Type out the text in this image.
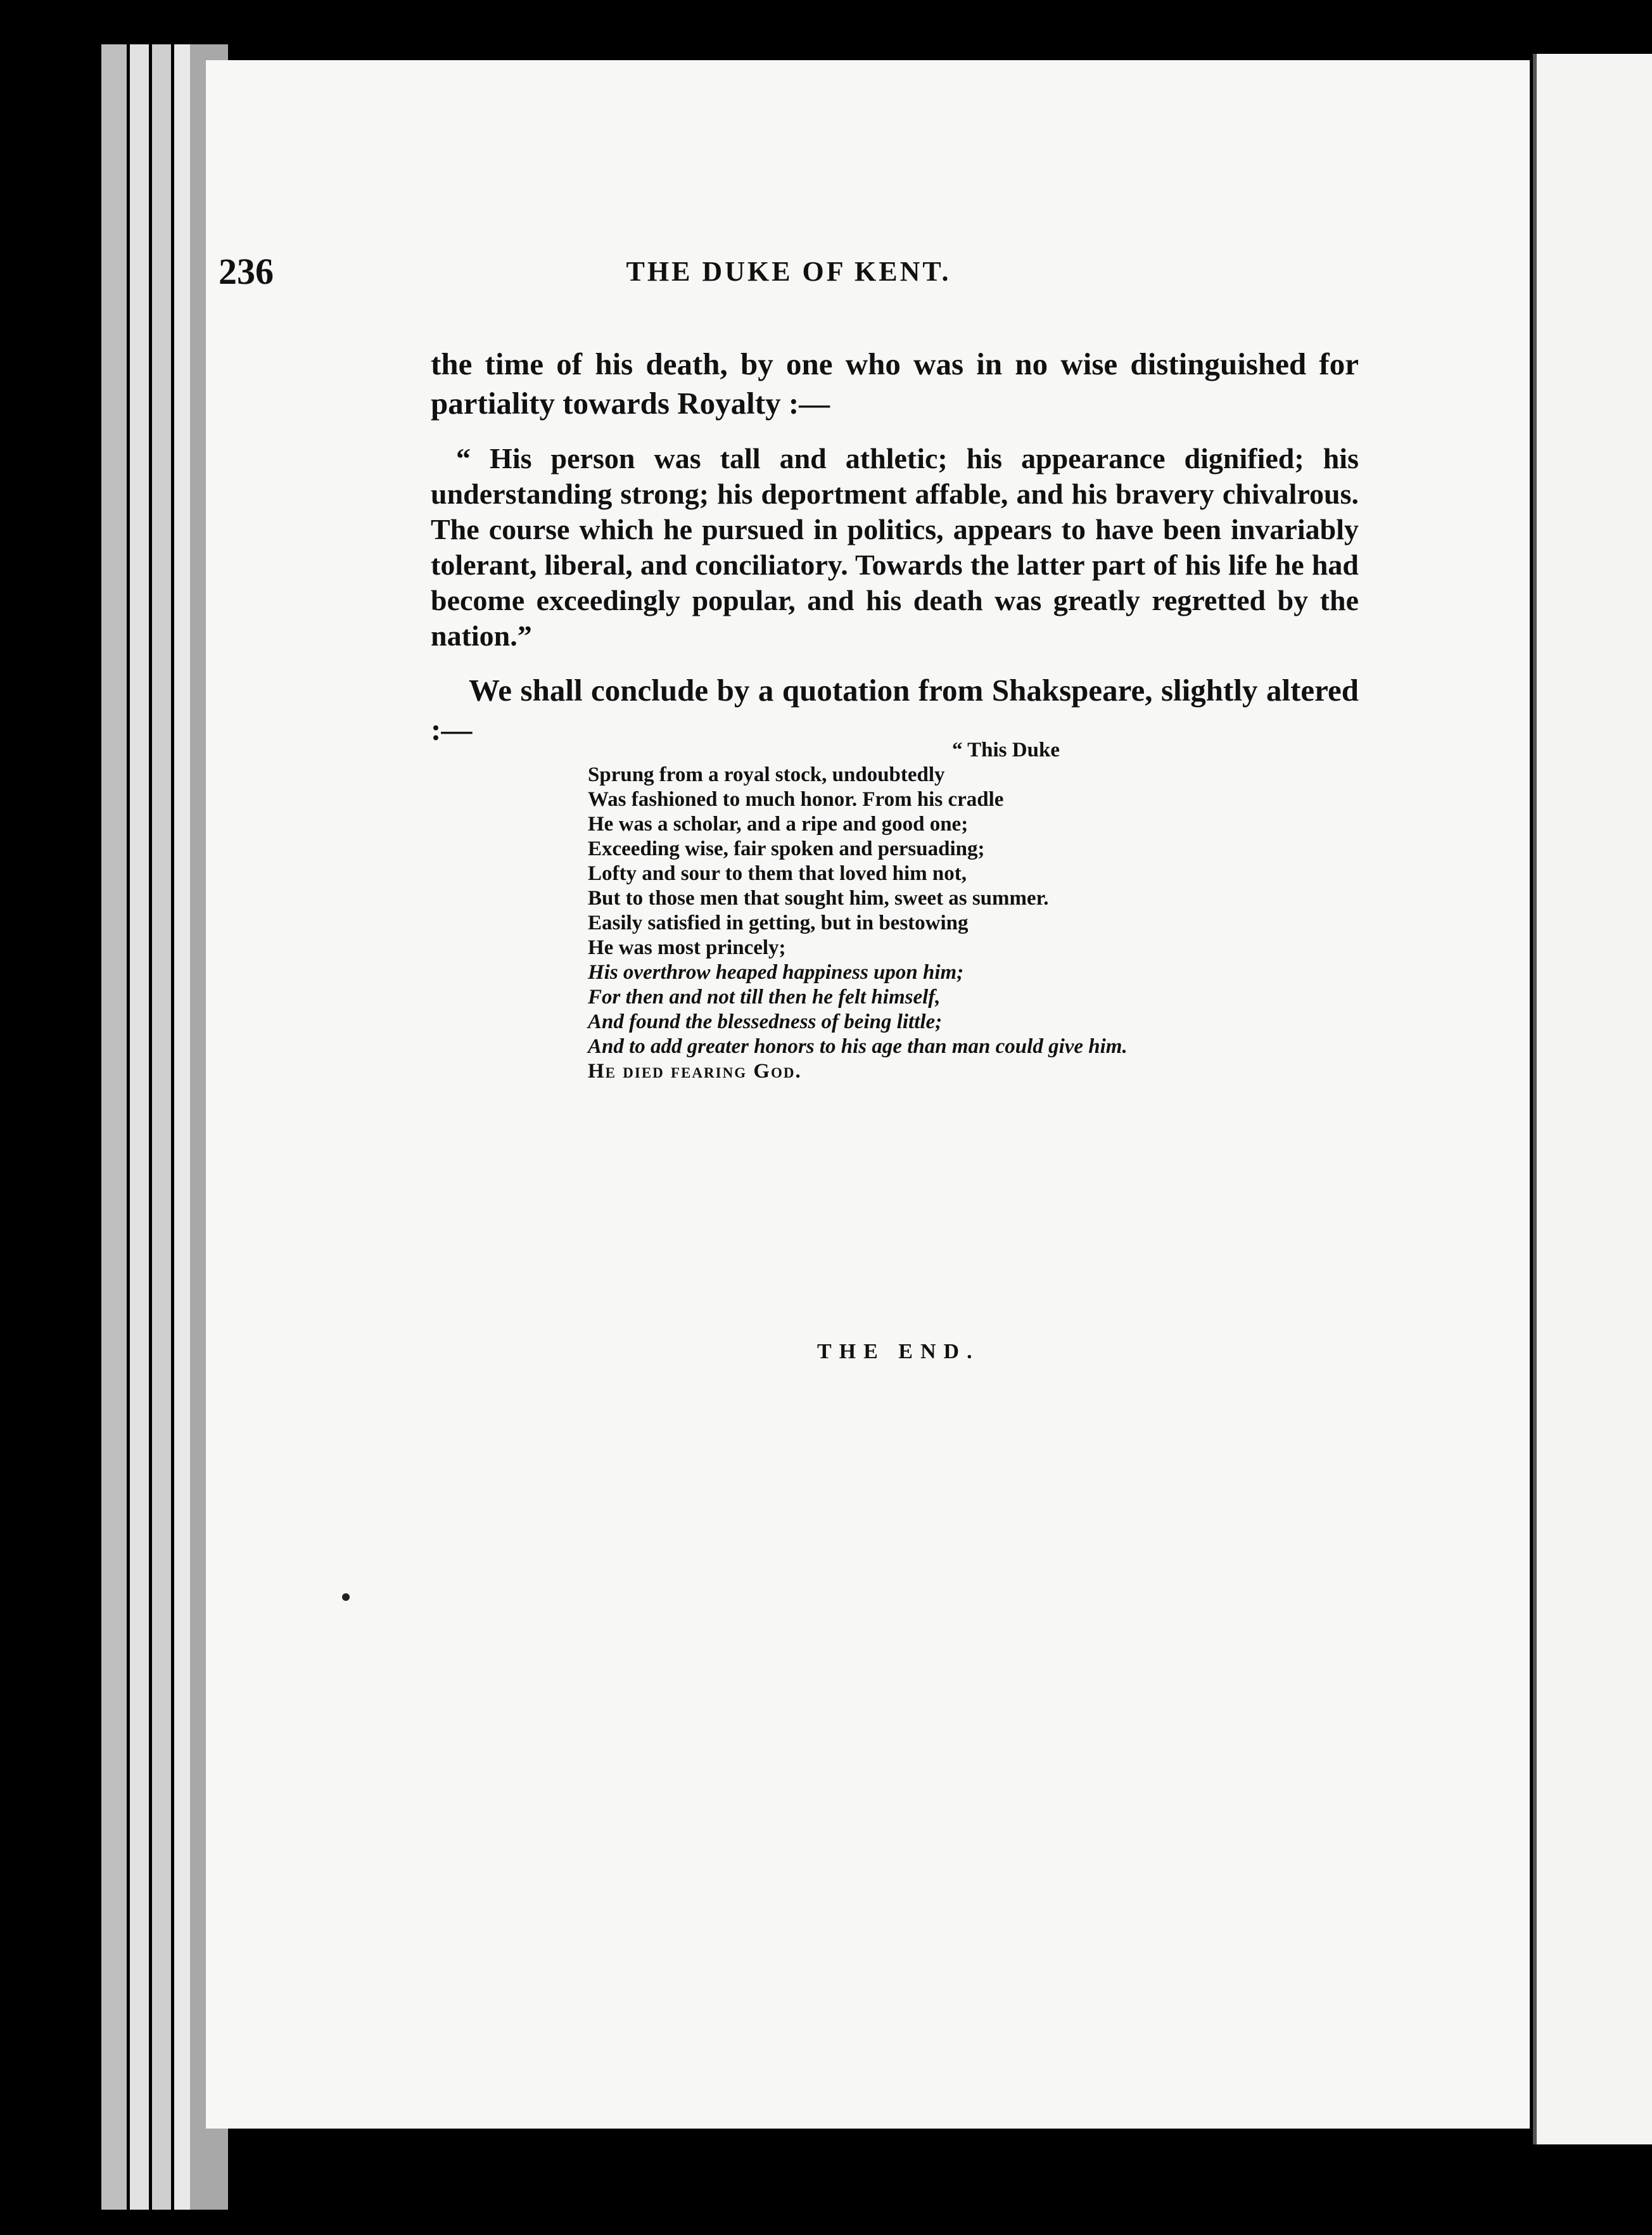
236	THE DUKE OF KENT.

the time of his death, by one who was in no wise distinguished for partiality towards Royalty :—

“ His person was tall and athletic; his appearance dignified; his understanding strong; his deportment affable, and his bravery chivalrous. The course which he pursued in politics, appears to have been invariably tolerant, liberal, and conciliatory. Towards the latter part of his life he had become exceedingly popular, and his death was greatly regretted by the nation.”

We shall conclude by a quotation from Shakspeare, slightly altered :—

“ This Duke
Sprung from a royal stock, undoubtedly
Was fashioned to much honor. From his cradle
He was a scholar, and a ripe and good one;
Exceeding wise, fair spoken and persuading;
Lofty and sour to them that loved him not,
But to those men that sought him, sweet as summer.
Easily satisfied in getting, but in bestowing
He was most princely;
His overthrow heaped happiness upon him;
For then and not till then he felt himself,
And found the blessedness of being little;
And to add greater honors to his age than man could give him.
He died fearing God.
THE END.
